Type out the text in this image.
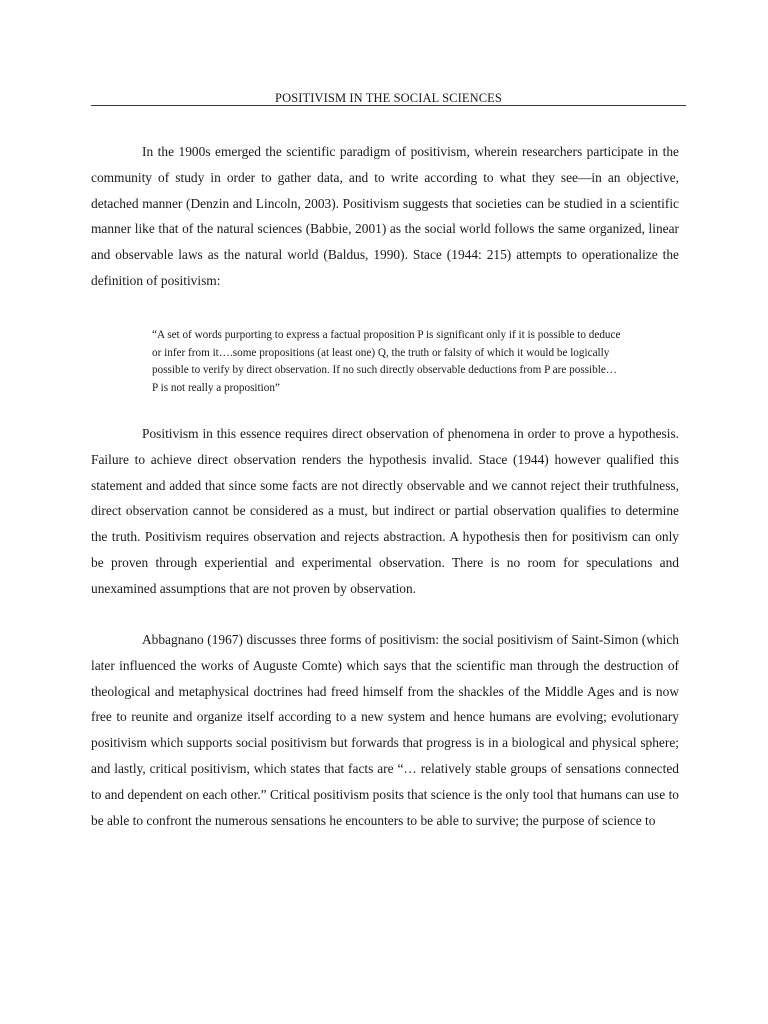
POSITIVISM IN THE SOCIAL SCIENCES

In the 1900s emerged the scientific paradigm of positivism, wherein researchers participate in the community of study in order to gather data, and to write according to what they see—in an objective, detached manner (Denzin and Lincoln, 2003). Positivism suggests that societies can be studied in a scientific manner like that of the natural sciences (Babbie, 2001) as the social world follows the same organized, linear and observable laws as the natural world (Baldus, 1990). Stace (1944: 215) attempts to operationalize the definition of positivism:

“A set of words purporting to express a factual proposition P is significant only if it is possible to deduce or infer from it….some propositions (at least one) Q, the truth or falsity of which it would be logically possible to verify by direct observation. If no such directly observable deductions from P are possible…P is not really a proposition”

Positivism in this essence requires direct observation of phenomena in order to prove a hypothesis. Failure to achieve direct observation renders the hypothesis invalid. Stace (1944) however qualified this statement and added that since some facts are not directly observable and we cannot reject their truthfulness, direct observation cannot be considered as a must, but indirect or partial observation qualifies to determine the truth. Positivism requires observation and rejects abstraction. A hypothesis then for positivism can only be proven through experiential and experimental observation. There is no room for speculations and unexamined assumptions that are not proven by observation.

Abbagnano (1967) discusses three forms of positivism: the social positivism of Saint-Simon (which later influenced the works of Auguste Comte) which says that the scientific man through the destruction of theological and metaphysical doctrines had freed himself from the shackles of the Middle Ages and is now free to reunite and organize itself according to a new system and hence humans are evolving; evolutionary positivism which supports social positivism but forwards that progress is in a biological and physical sphere; and lastly, critical positivism, which states that facts are “… relatively stable groups of sensations connected to and dependent on each other.” Critical positivism posits that science is the only tool that humans can use to be able to confront the numerous sensations he encounters to be able to survive; the purpose of science to
